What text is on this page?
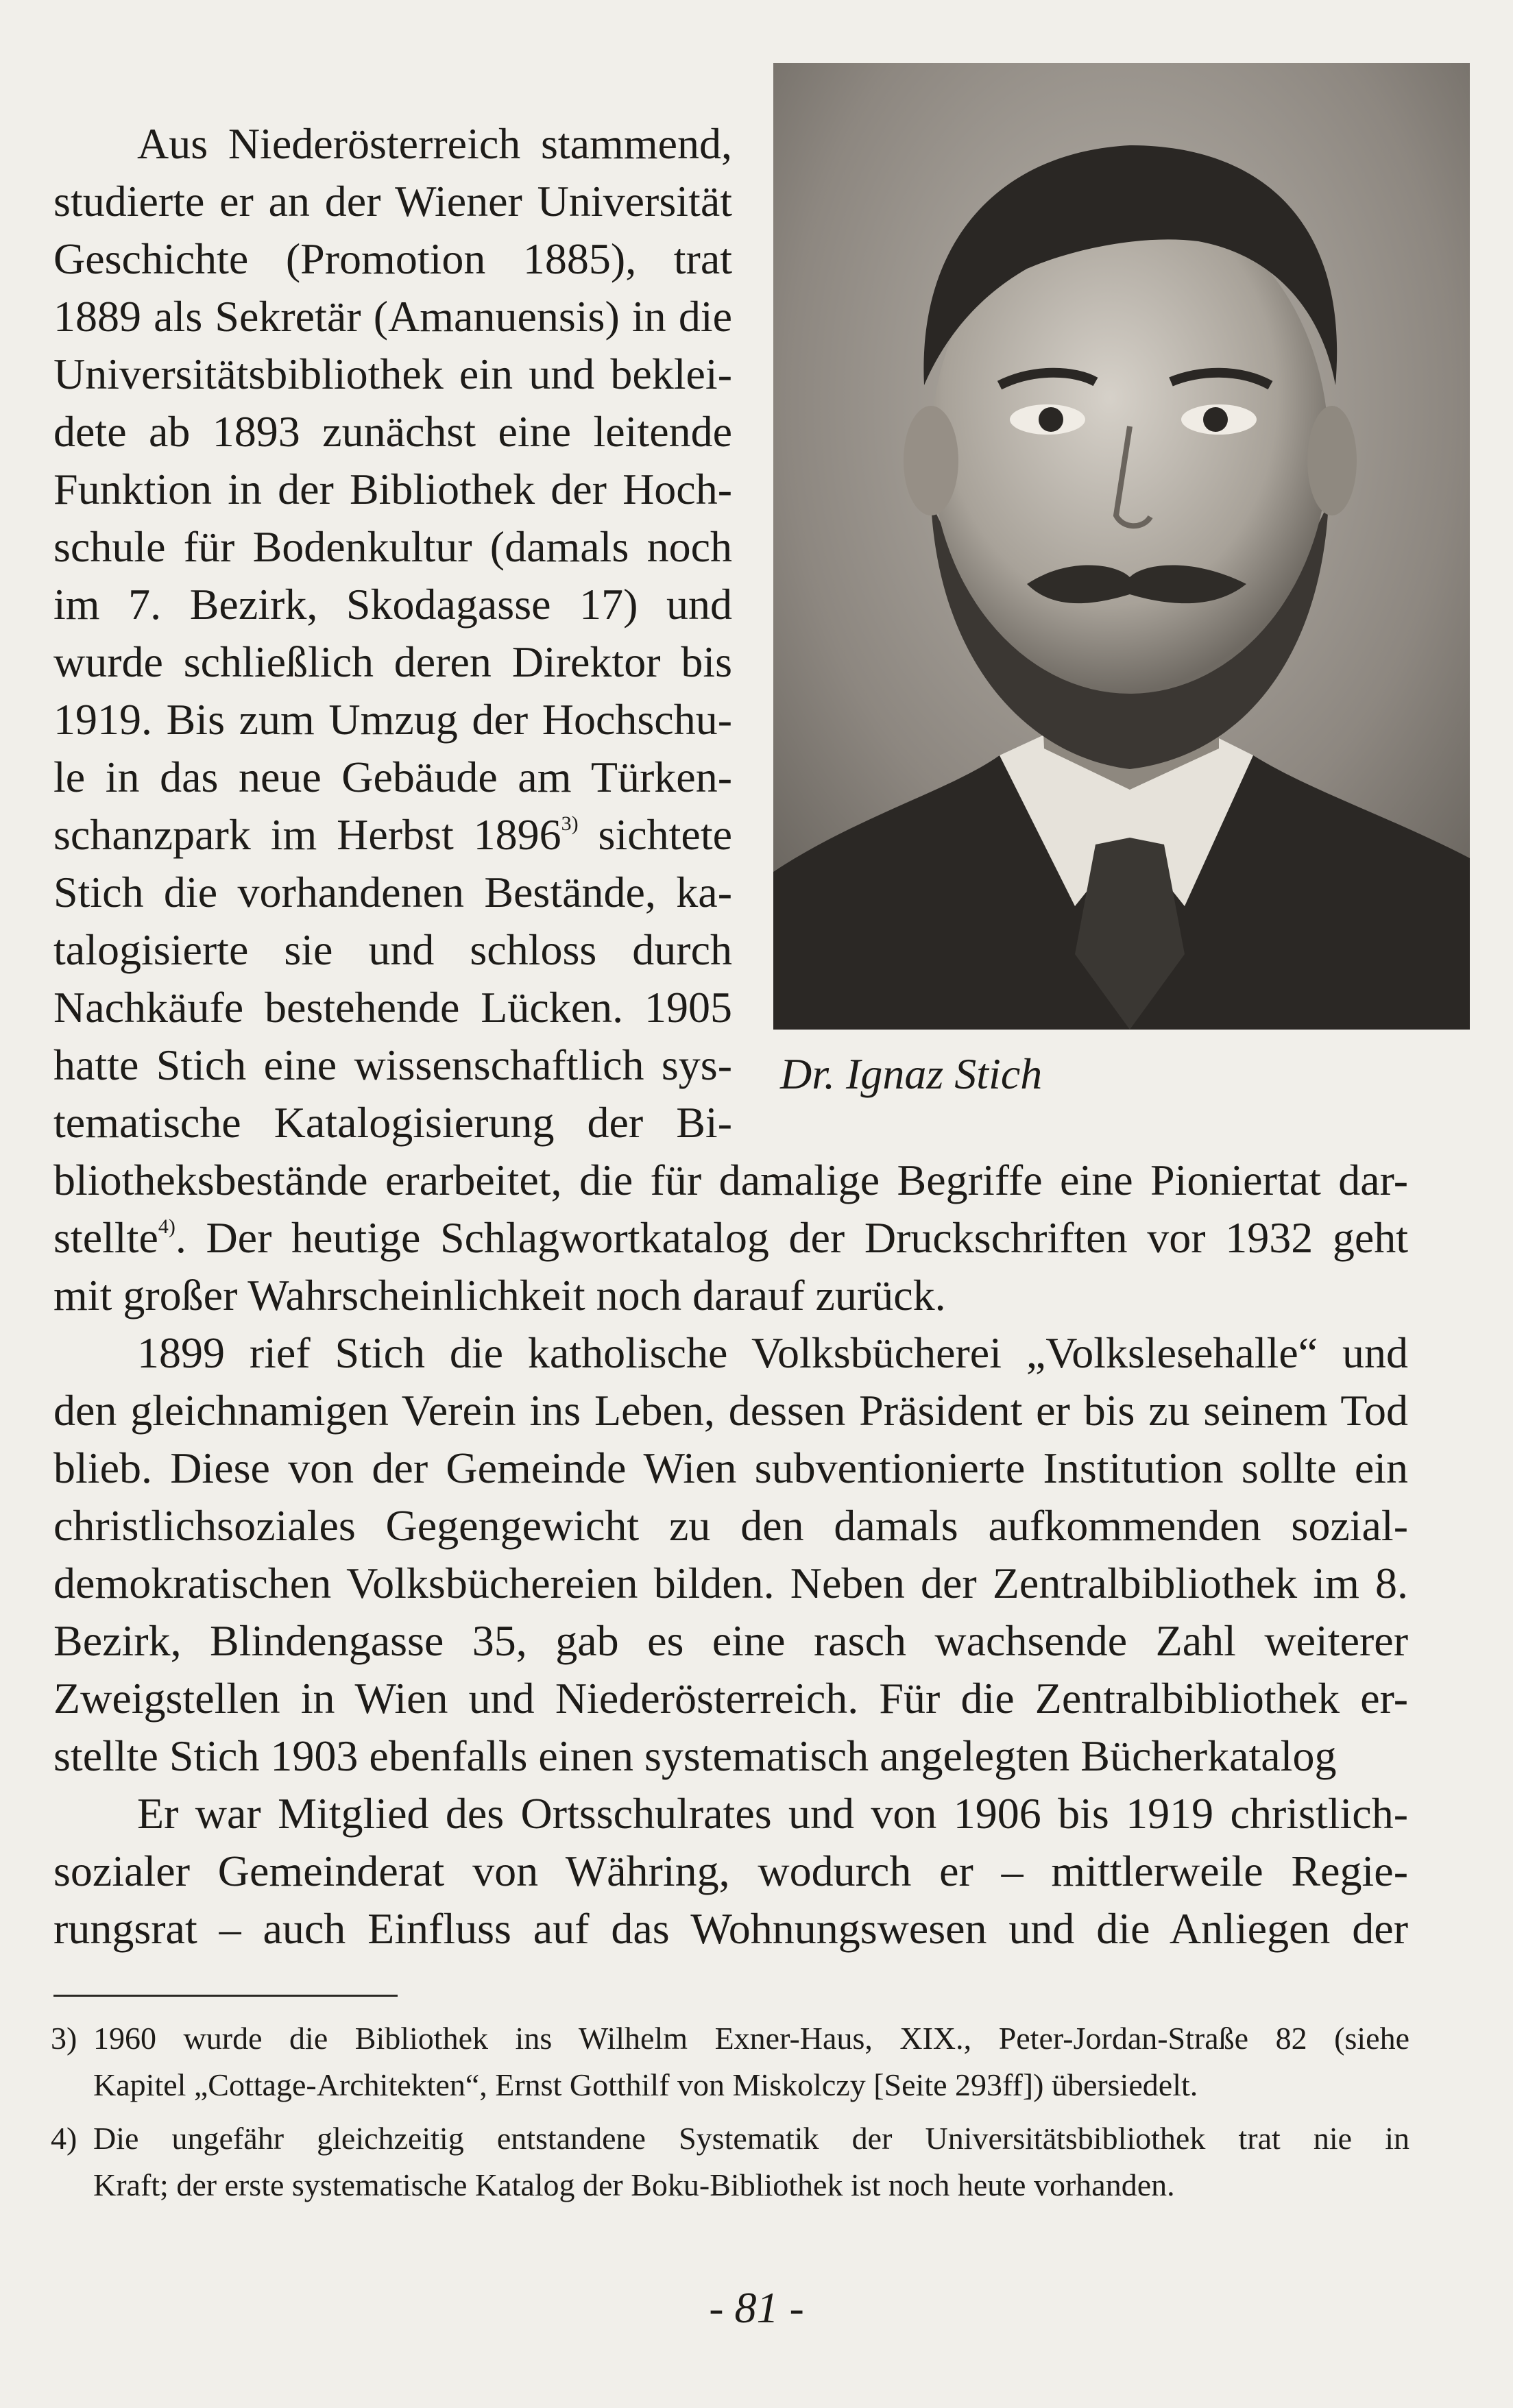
Dr. Ignaz Stich
Aus Niederösterreich stammend,
studierte er an der Wiener Universität
Geschichte (Promotion 1885), trat
1889 als Sekretär (Amanuensis) in die
Universitätsbibliothek ein und beklei-
dete ab 1893 zunächst eine leitende
Funktion in der Bibliothek der Hoch-
schule für Bodenkultur (damals noch
im 7. Bezirk, Skodagasse 17) und
wurde schließlich deren Direktor bis
1919. Bis zum Umzug der Hochschu-
le in das neue Gebäude am Türken-
schanzpark im Herbst 1896$^{3)}$ sichtete
Stich die vorhandenen Bestände, ka-
talogisierte sie und schloss durch
Nachkäufe bestehende Lücken. 1905
hatte Stich eine wissenschaftlich sys-
tematische Katalogisierung der Bi-
bliotheksbestände erarbeitet, die für damalige Begriffe eine Pioniertat dar-
stellte$^{4)}$. Der heutige Schlagwortkatalog der Druckschriften vor 1932 geht
mit großer Wahrscheinlichkeit noch darauf zurück.
1899 rief Stich die katholische Volksbücherei „Volkslesehalle“ und
den gleichnamigen Verein ins Leben, dessen Präsident er bis zu seinem Tod
blieb. Diese von der Gemeinde Wien subventionierte Institution sollte ein
christlichsoziales Gegengewicht zu den damals aufkommenden sozial-
demokratischen Volksbüchereien bilden. Neben der Zentralbibliothek im 8.
Bezirk, Blindengasse 35, gab es eine rasch wachsende Zahl weiterer
Zweigstellen in Wien und Niederösterreich. Für die Zentralbibliothek er-
stellte Stich 1903 ebenfalls einen systematisch angelegten Bücherkatalog
Er war Mitglied des Ortsschulrates und von 1906 bis 1919 christlich-
sozialer Gemeinderat von Währing, wodurch er – mittlerweile Regie-
rungsrat – auch Einfluss auf das Wohnungswesen und die Anliegen der
3) 1960 wurde die Bibliothek ins Wilhelm Exner-Haus, XIX., Peter-Jordan-Straße 82 (siehe
Kapitel „Cottage-Architekten“, Ernst Gotthilf von Miskolczy [Seite 293ff]) übersiedelt.
4) Die ungefähr gleichzeitig entstandene Systematik der Universitätsbibliothek trat nie in
Kraft; der erste systematische Katalog der Boku-Bibliothek ist noch heute vorhanden.
- 81 -
